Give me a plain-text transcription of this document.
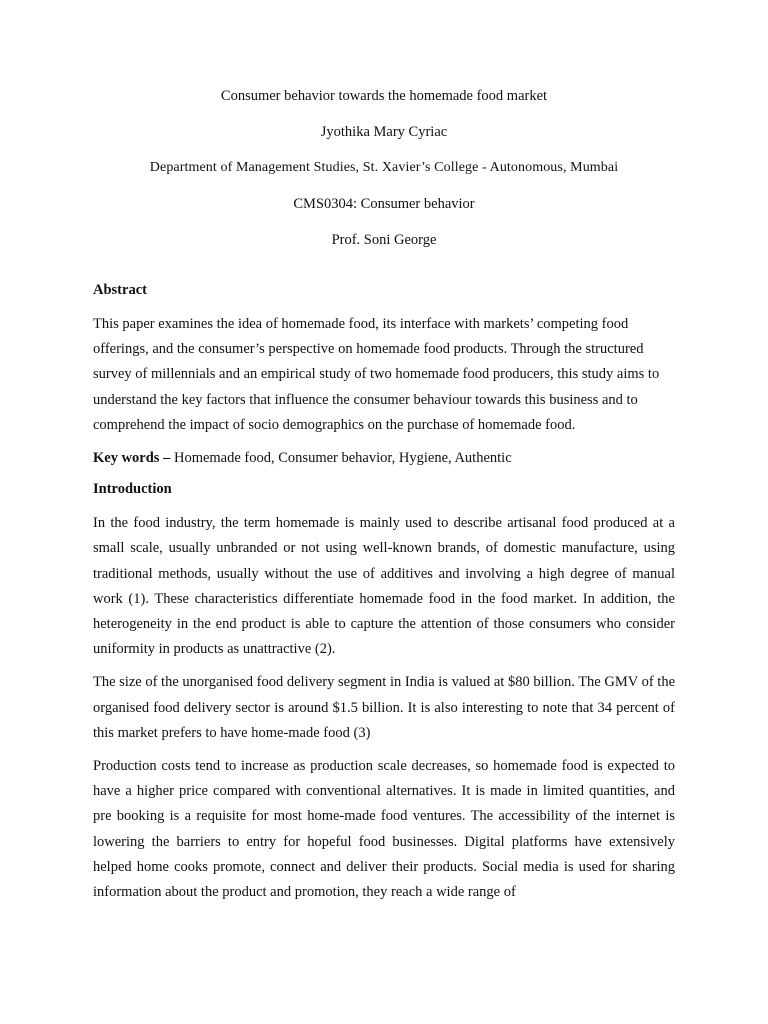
Consumer behavior towards the homemade food market
Jyothika Mary Cyriac
Department of Management Studies, St. Xavier’s College - Autonomous, Mumbai
CMS0304: Consumer behavior
Prof. Soni George
Abstract

This paper examines the idea of homemade food, its interface with markets’ competing food offerings, and the consumer’s perspective on homemade food products. Through the structured survey of millennials and an empirical study of two homemade food producers, this study aims to understand the key factors that influence the consumer behaviour towards this business and to comprehend the impact of socio demographics on the purchase of homemade food.

Key words – Homemade food, Consumer behavior, Hygiene, Authentic

Introduction

In the food industry, the term homemade is mainly used to describe artisanal food produced at a small scale, usually unbranded or not using well-known brands, of domestic manufacture, using traditional methods, usually without the use of additives and involving a high degree of manual work (1). These characteristics differentiate homemade food in the food market. In addition, the heterogeneity in the end product is able to capture the attention of those consumers who consider uniformity in products as unattractive (2).

The size of the unorganised food delivery segment in India is valued at $80 billion. The GMV of the organised food delivery sector is around $1.5 billion. It is also interesting to note that 34 percent of this market prefers to have home-made food (3)

Production costs tend to increase as production scale decreases, so homemade food is expected to have a higher price compared with conventional alternatives. It is made in limited quantities, and pre booking is a requisite for most home-made food ventures. The accessibility of the internet is lowering the barriers to entry for hopeful food businesses. Digital platforms have extensively helped home cooks promote, connect and deliver their products. Social media is used for sharing information about the product and promotion, they reach a wide range of
